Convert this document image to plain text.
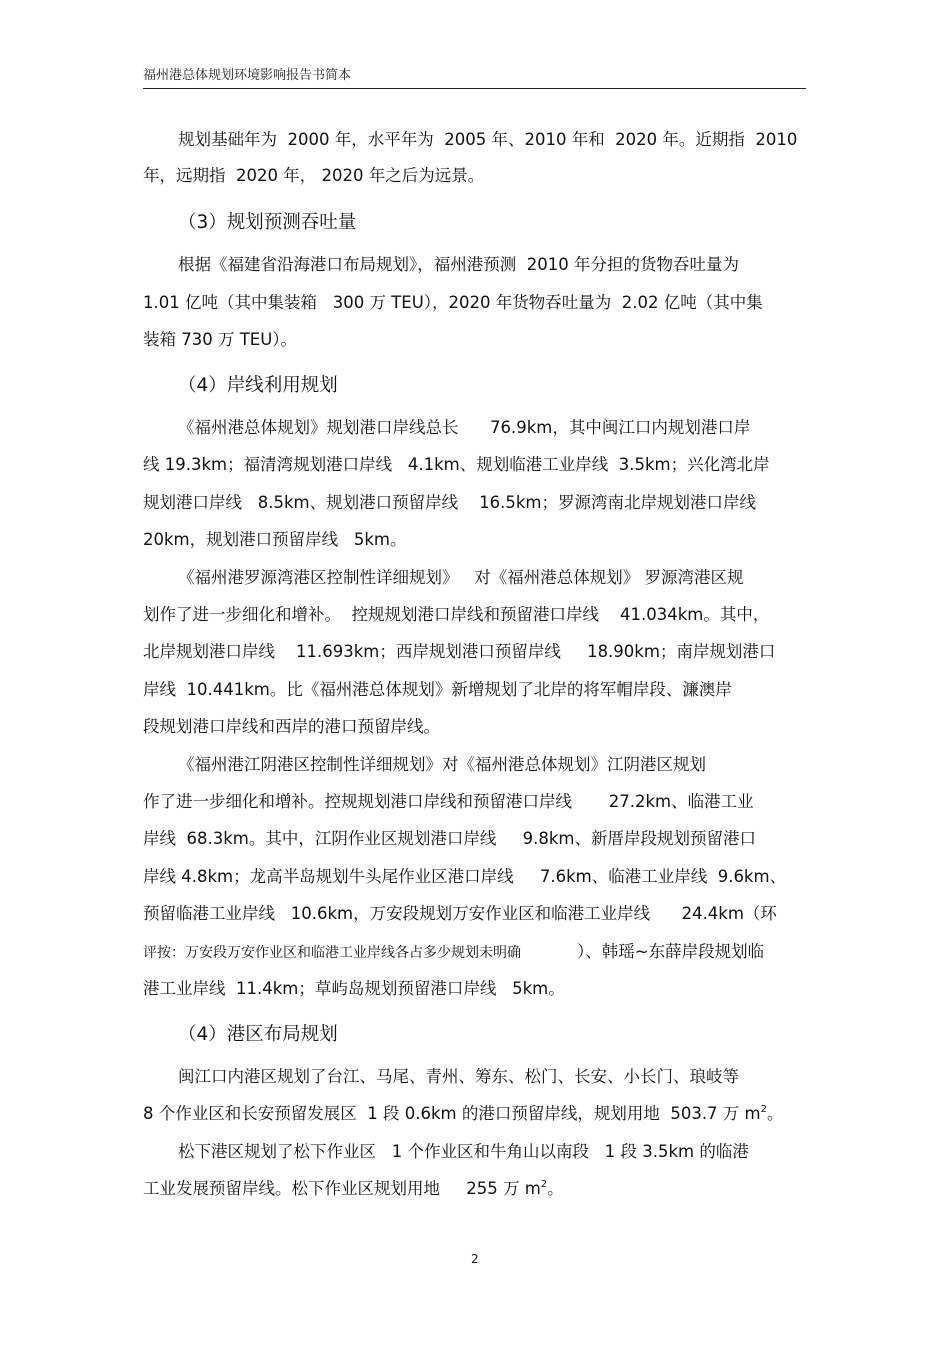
福州港总体规划环境影响报告书简本
规划基础年为  2000 年，水平年为  2005 年、2010 年和  2020 年。近期指  2010
年，远期指  2020 年， 2020 年之后为远景。
（3）规划预测吞吐量
根据《福建省沿海港口布局规划》，福州港预测  2010 年分担的货物吞吐量为
1.01 亿吨（其中集装箱   300 万 TEU），2020 年货物吞吐量为  2.02 亿吨（其中集
装箱 730 万 TEU）。
（4）岸线利用规划
《福州港总体规划》规划港口岸线总长      76.9km，其中闽江口内规划港口岸
线 19.3km；福清湾规划港口岸线   4.1km、规划临港工业岸线  3.5km；兴化湾北岸
规划港口岸线   8.5km、规划港口预留岸线    16.5km；罗源湾南北岸规划港口岸线
20km，规划港口预留岸线   5km。
《福州港罗源湾港区控制性详细规划》   对《福州港总体规划》 罗源湾港区规
划作了进一步细化和增补。  控规规划港口岸线和预留港口岸线    41.034km。其中，
北岸规划港口岸线    11.693km；西岸规划港口预留岸线     18.90km；南岸规划港口
岸线  10.441km。比《福州港总体规划》新增规划了北岸的将军帽岸段、濂澳岸
段规划港口岸线和西岸的港口预留岸线。
《福州港江阴港区控制性详细规划》对《福州港总体规划》江阴港区规划
作了进一步细化和增补。控规规划港口岸线和预留港口岸线       27.2km、临港工业
岸线  68.3km。其中，江阴作业区规划港口岸线     9.8km、新厝岸段规划预留港口
岸线 4.8km；龙高半岛规划牛头尾作业区港口岸线     7.6km、临港工业岸线  9.6km、
预留临港工业岸线   10.6km，万安段规划万安作业区和临港工业岸线      24.4km（环
评按：万安段万安作业区和临港工业岸线各占多少规划未明确	）、韩瑶~东薛岸段规划临
港工业岸线  11.4km；草屿岛规划预留港口岸线   5km。
（4）港区布局规划
闽江口内港区规划了台江、马尾、青州、筹东、松门、长安、小长门、琅岐等
8 个作业区和长安预留发展区  1 段 0.6km 的港口预留岸线，规划用地  503.7 万 $m^2$。
松下港区规划了松下作业区   1 个作业区和牛角山以南段   1 段 3.5km 的临港
工业发展预留岸线。松下作业区规划用地     255 万 $m^2$。
2
